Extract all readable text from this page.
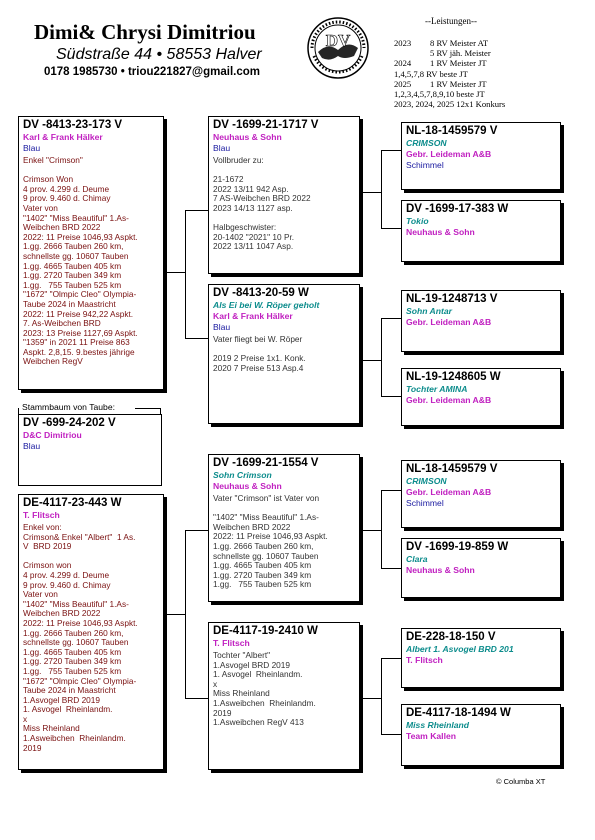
Dimi& Chrysi Dimitriou
Südstraße 44 • 58553 Halver
0178 1985730 • triou221827@gmail.com
DV
--Leistungen--
2023	8 RV Meister AT
5 RV jäh. Meister
2024	1 RV Meister JT
1,4,5,7,8 RV beste JT
2025	1 RV Meister JT
1,2,3,4,5,7,8,9,10 beste JT
2023, 2024, 2025 12x1 Konkurs
DV -8413-23-173 V
Karl & Frank Hälker
Blau
Enkel "Crimson"

Crimson Won
4 prov. 4.299 d. Deume
9 prov. 9.460 d. Chimay
Vater von
"1402" "Miss Beautiful" 1.As-
Weibchen BRD 2022
2022: 11 Preise 1046,93 Aspkt.
1.gg. 2666 Tauben 260 km,
schnellste gg. 10607 Tauben
1.gg. 4665 Tauben 405 km
1.gg. 2720 Tauben 349 km
1.gg.   755 Tauben 525 km
"1672" "Olmpic Cleo" Olympia-
Taube 2024 in Maastricht
2022: 11 Preise 942,22 Aspkt.
7. As-Weibchen BRD
2023: 13 Preise 1127,69 Aspkt.
"1359" in 2021 11 Preise 863
Aspkt. 2,8,15. 9.bestes jährige
Weibchen RegV
Stammbaum von Taube:
DV -699-24-202 V
D&C Dimitriou
Blau
DE-4117-23-443 W
T. Flitsch
Enkel von:
Crimson& Enkel "Albert"  1 As.
V  BRD 2019

Crimson won
4 prov. 4.299 d. Deume
9 prov. 9.460 d. Chimay
Vater von
"1402" "Miss Beautiful" 1.As-
Weibchen BRD 2022
2022: 11 Preise 1046,93 Aspkt.
1.gg. 2666 Tauben 260 km,
schnellste gg. 10607 Tauben
1.gg. 4665 Tauben 405 km
1.gg. 2720 Tauben 349 km
1.gg.   755 Tauben 525 km
"1672" "Olmpic Cleo" Olympia-
Taube 2024 in Maastricht
1.Asvogel BRD 2019
1. Asvogel  Rheinlandm.
x
Miss Rheinland
1.Asweibchen  Rheinlandm.
2019
DV -1699-21-1717 V
Neuhaus & Sohn
Blau
Vollbruder zu:

21-1672
2022 13/11 942 Asp.
7 AS-Weibchen BRD 2022
2023 14/13 1127 asp.

Halbgeschwister:
20-1402 "2021" 10 Pr.
2022 13/11 1047 Asp.
DV -8413-20-59 W
Als Ei bei W. Röper geholt
Karl & Frank Hälker
Blau
Vater fliegt bei W. Röper

2019 2 Preise 1x1. Konk.
2020 7 Preise 513 Asp.4
DV -1699-21-1554 V
Sohn Crimson
Neuhaus & Sohn
Vater "Crimson" ist Vater von

"1402" "Miss Beautiful" 1.As-
Weibchen BRD 2022
2022: 11 Preise 1046,93 Aspkt.
1.gg. 2666 Tauben 260 km,
schnellste gg. 10607 Tauben
1.gg. 4665 Tauben 405 km
1.gg. 2720 Tauben 349 km
1.gg.   755 Tauben 525 km
DE-4117-19-2410 W
T. Flitsch
Tochter "Albert"
1.Asvogel BRD 2019
1. Asvogel  Rheinlandm.
x
Miss Rheinland
1.Asweibchen  Rheinlandm.
2019
1.Asweibchen RegV 413
NL-18-1459579 V
CRIMSON
Gebr. Leideman A&B
Schimmel
DV -1699-17-383 W
Tokio
Neuhaus & Sohn
NL-19-1248713 V
Sohn Antar
Gebr. Leideman A&B
NL-19-1248605 W
Tochter AMINA
Gebr. Leideman A&B
NL-18-1459579 V
CRIMSON
Gebr. Leideman A&B
Schimmel
DV -1699-19-859 W
Clara
Neuhaus & Sohn
DE-228-18-150 V
Albert 1. Asvogel BRD 201
T. Flitsch
DE-4117-18-1494 W
Miss Rheinland
Team Kallen
© Columba XT
